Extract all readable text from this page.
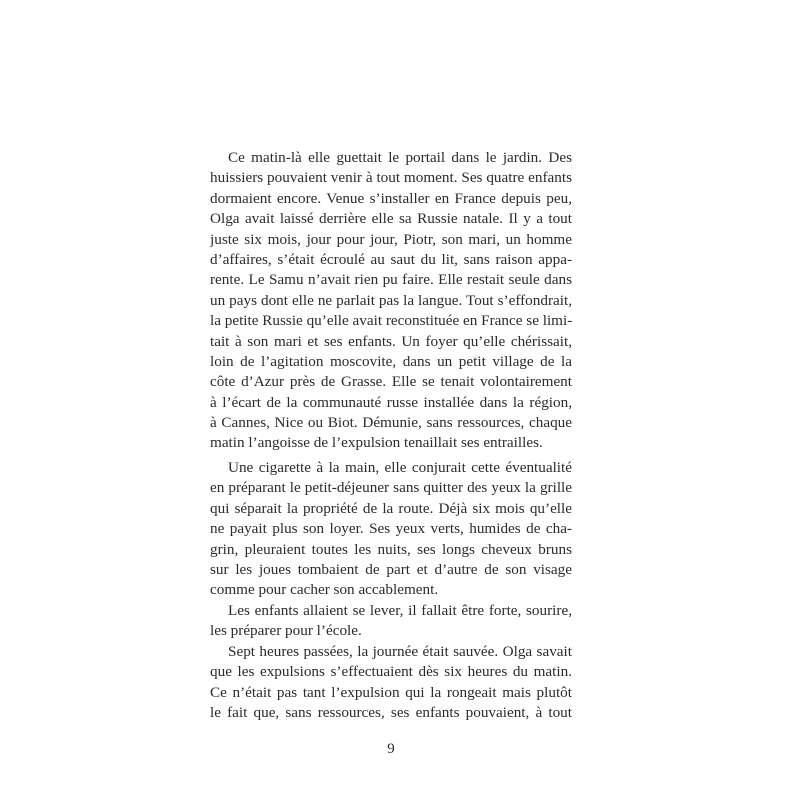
Ce matin-là elle guettait le portail dans le jardin. Des
huissiers pouvaient venir à tout moment. Ses quatre enfants
dormaient encore. Venue s’installer en France depuis peu,
Olga avait laissé derrière elle sa Russie natale. Il y a tout
juste six mois, jour pour jour, Piotr, son mari, un homme
d’affaires, s’était écroulé au saut du lit, sans raison appa-
rente. Le Samu n’avait rien pu faire. Elle restait seule dans
un pays dont elle ne parlait pas la langue. Tout s’effondrait,
la petite Russie qu’elle avait reconstituée en France se limi-
tait à son mari et ses enfants. Un foyer qu’elle chérissait,
loin de l’agitation moscovite, dans un petit village de la
côte d’Azur près de Grasse. Elle se tenait volontairement
à l’écart de la communauté russe installée dans la région,
à Cannes, Nice ou Biot. Démunie, sans ressources, chaque
matin l’angoisse de l’expulsion tenaillait ses entrailles.
Une cigarette à la main, elle conjurait cette éventualité
en préparant le petit-déjeuner sans quitter des yeux la grille
qui séparait la propriété de la route. Déjà six mois qu’elle
ne payait plus son loyer. Ses yeux verts, humides de cha-
grin, pleuraient toutes les nuits, ses longs cheveux bruns
sur les joues tombaient de part et d’autre de son visage
comme pour cacher son accablement.
Les enfants allaient se lever, il fallait être forte, sourire,
les préparer pour l’école.
Sept heures passées, la journée était sauvée. Olga savait
que les expulsions s’effectuaient dès six heures du matin.
Ce n’était pas tant l’expulsion qui la rongeait mais plutôt
le fait que, sans ressources, ses enfants pouvaient, à tout
9
